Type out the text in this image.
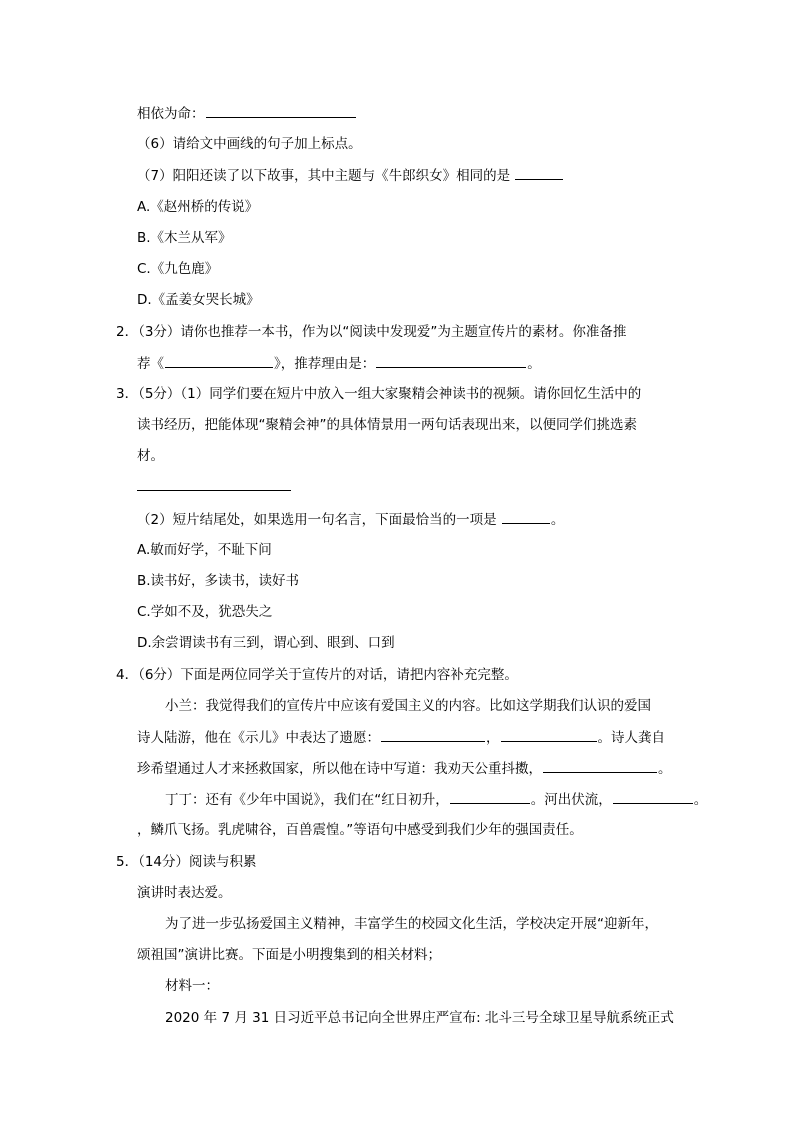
相依为命：
（6）请给文中画线的句子加上标点。
（7）阳阳还读了以下故事，其中主题与《牛郎织女》相同的是
A.《赵州桥的传说》
B.《木兰从军》
C.《九色鹿》
D.《孟姜女哭长城》
2．（3分）请你也推荐一本书，作为以“阅读中发现爱”为主题宣传片的素材。你准备推
荐《	》，推荐理由是：	。
3．（5分）（1）同学们要在短片中放入一组大家聚精会神读书的视频。请你回忆生活中的
读书经历，把能体现“聚精会神”的具体情景用一两句话表现出来，以便同学们挑选素
材。
（2）短片结尾处，如果选用一句名言，下面最恰当的一项是	。
A.敏而好学，不耻下问
B.读书好，多读书，读好书
C.学如不及，犹恐失之
D.余尝谓读书有三到，谓心到、眼到、口到
4．（6分）下面是两位同学关于宣传片的对话，请把内容补充完整。
小兰：我觉得我们的宣传片中应该有爱国主义的内容。比如这学期我们认识的爱国
诗人陆游，他在《示儿》中表达了遗愿：	，	。诗人龚自
珍希望通过人才来拯救国家，所以他在诗中写道：我劝天公重抖擞，	。
丁丁：还有《少年中国说》，我们在“红日初升，	。河出伏流，	。
，鳞爪飞扬。乳虎啸谷，百兽震惶。”等语句中感受到我们少年的强国责任。
5．（14分）阅读与积累
演讲时表达爱。
为了进一步弘扬爱国主义精神，丰富学生的校园文化生活，学校决定开展“迎新年，
颂祖国”演讲比赛。下面是小明搜集到的相关材料；
材料一：
2020 年 7 月 31 日习近平总书记向全世界庄严宣布: 北斗三号全球卫星导航系统正式
